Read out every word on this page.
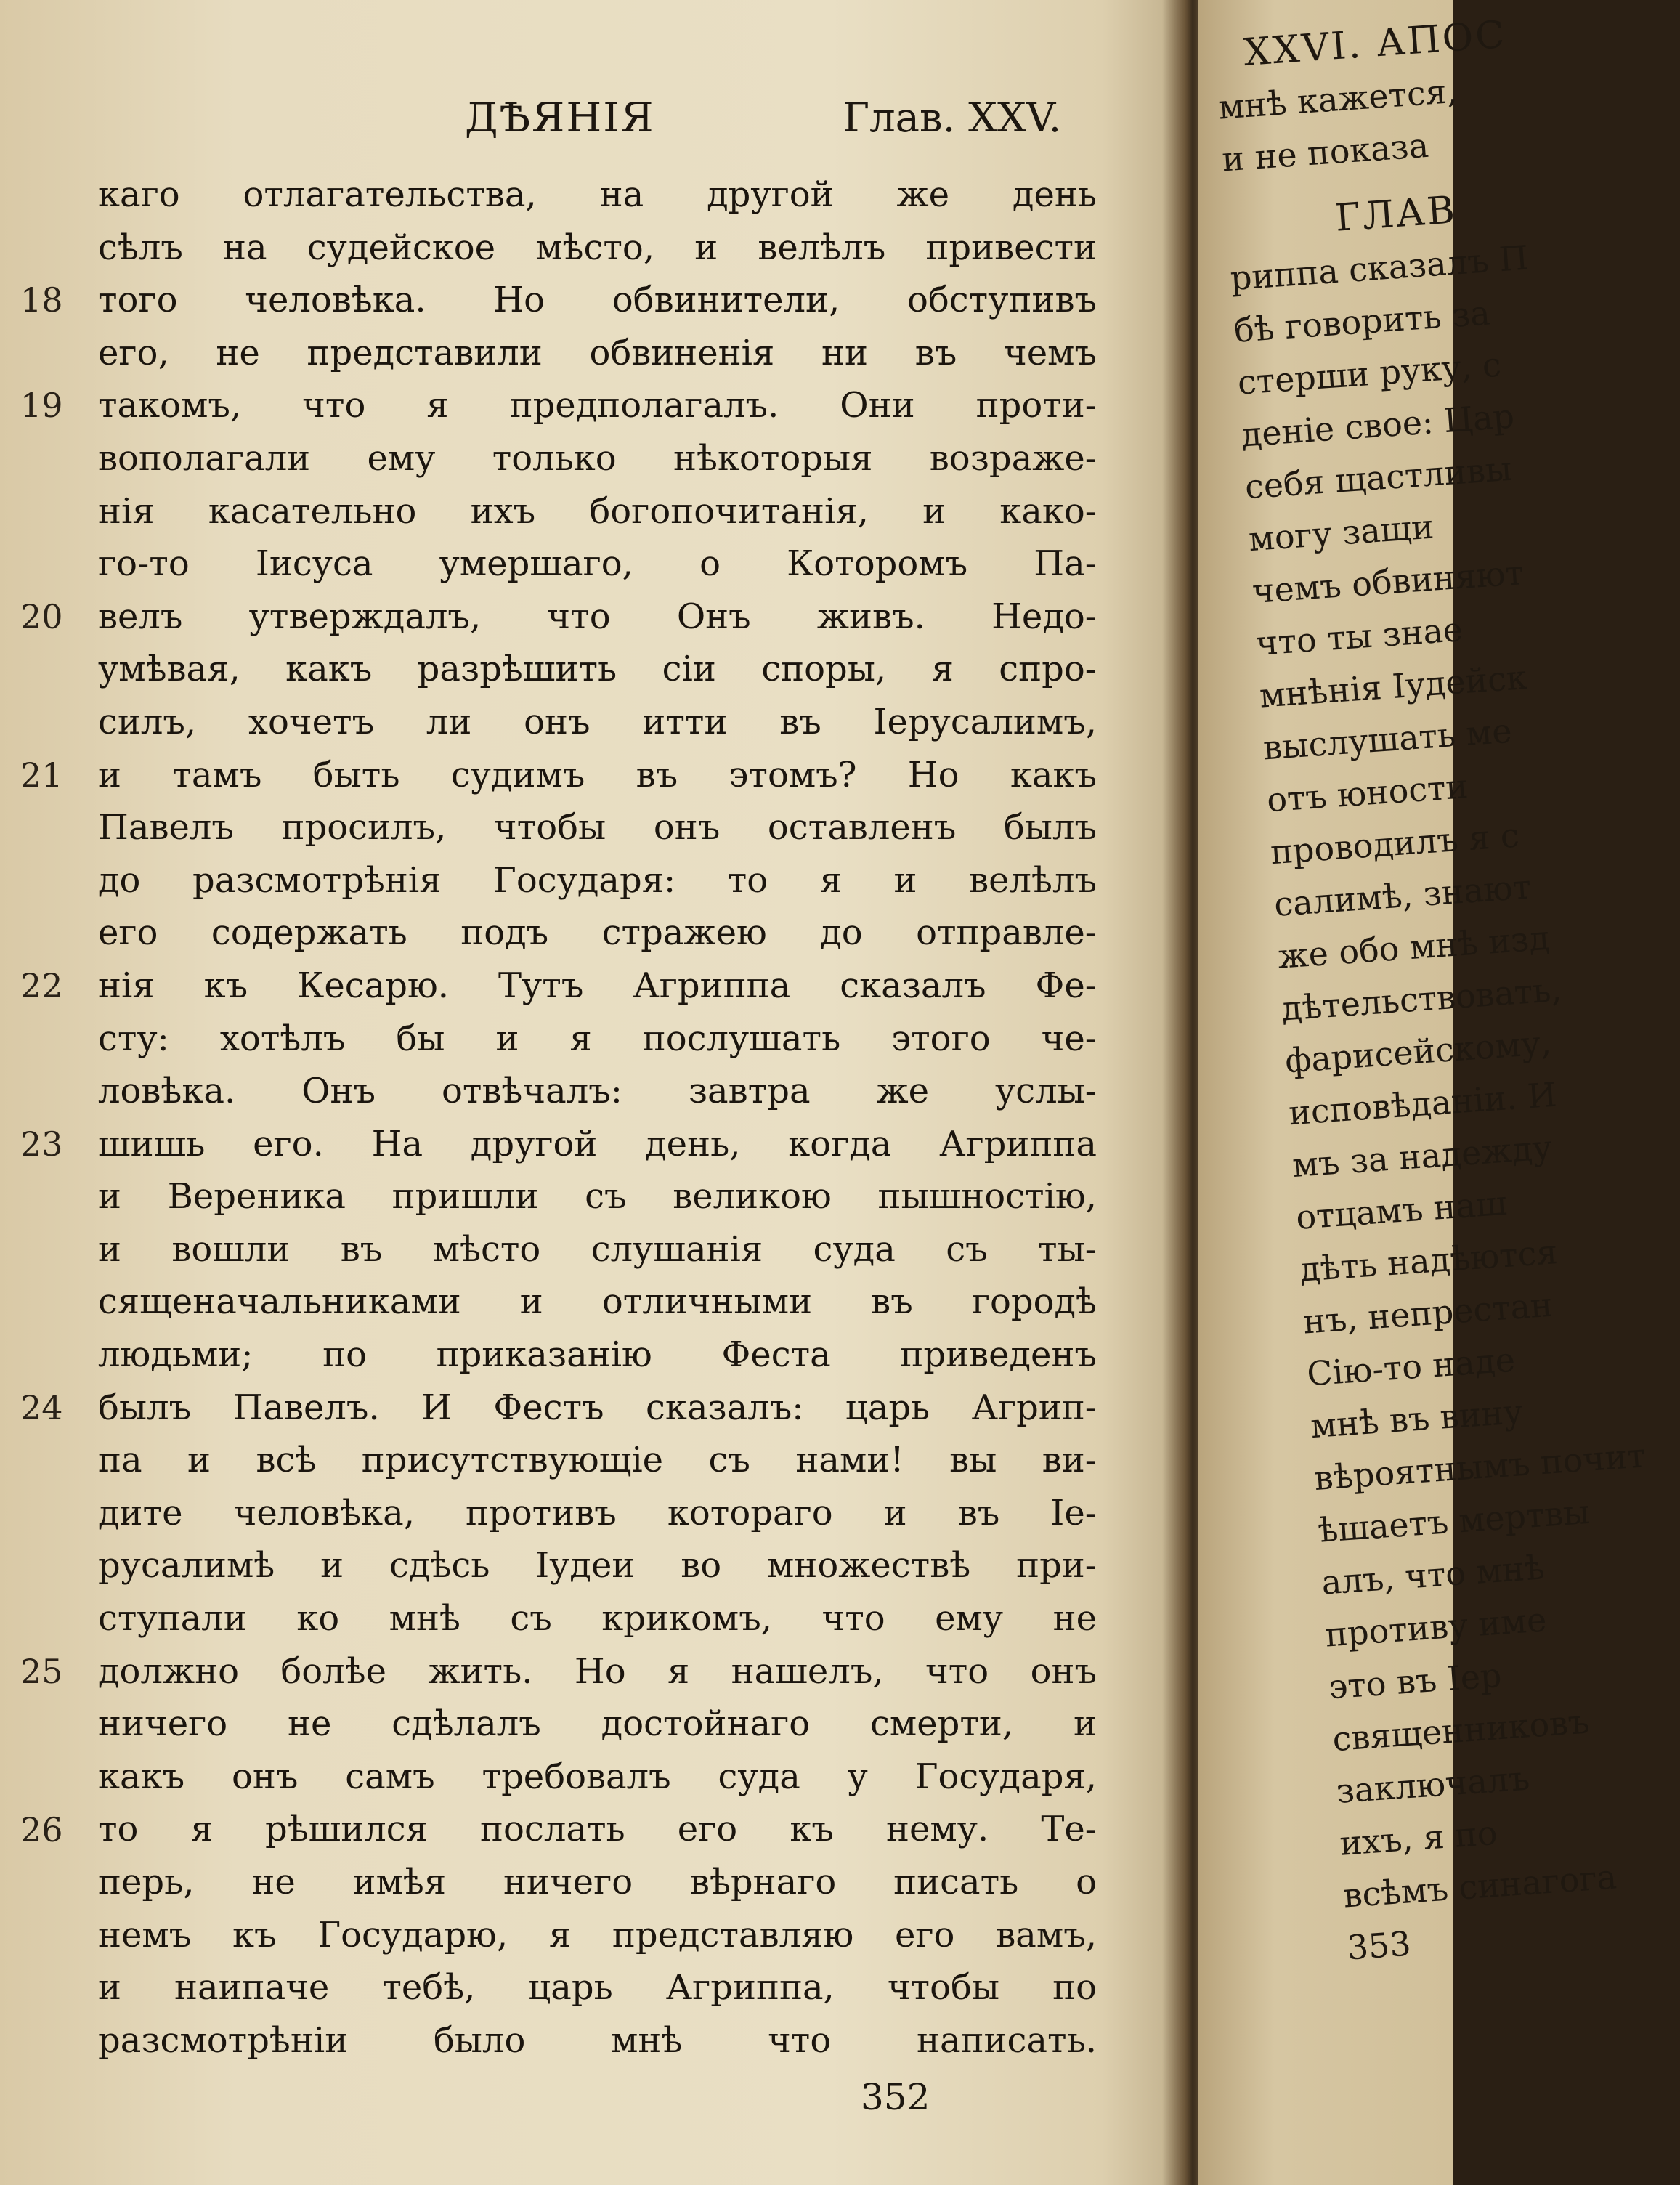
ДѢЯНІЯ	Глав. XXV.
18
19
20
21
22
23
24
25
26
каго отлагательства, на другой же день
сѣлъ на судейское мѣсто, и велѣлъ привести
того человѣка. Но обвинители, обступивъ
его, не представили обвиненія ни въ чемъ
такомъ, что я предполагалъ. Они проти-
вополагали ему только нѣкоторыя возраже-
нія касательно ихъ богопочитанія, и како-
го-то Іисуса умершаго, о Которомъ Па-
велъ утверждалъ, что Онъ живъ. Недо-
умѣвая, какъ разрѣшить сіи споры, я спро-
силъ, хочетъ ли онъ итти въ Іерусалимъ,
и тамъ быть судимъ въ этомъ? Но какъ
Павелъ просилъ, чтобы онъ оставленъ былъ
до разсмотрѣнія Государя: то я и велѣлъ
его содержать подъ стражею до отправле-
нія къ Кесарю. Тутъ Агриппа сказалъ Фе-
сту: хотѣлъ бы и я послушать этого че-
ловѣка. Онъ отвѣчалъ: завтра же услы-
шишь его. На другой день, когда Агриппа
и Вереника пришли съ великою пышностію,
и вошли въ мѣсто слушанія суда съ ты-
сященачальниками и отличными въ городѣ
людьми; по приказанію Феста приведенъ
былъ Павелъ. И Фестъ сказалъ: царь Агрип-
па и всѣ присутствующіе съ нами! вы ви-
дите человѣка, противъ котораго и въ Іе-
русалимѣ и сдѣсь Іудеи во множествѣ при-
ступали ко мнѣ съ крикомъ, что ему не
должно болѣе жить. Но я нашелъ, что онъ
ничего не сдѣлалъ достойнаго смерти, и
какъ онъ самъ требовалъ суда у Государя,
то я рѣшился послать его къ нему. Те-
перь, не имѣя ничего вѣрнаго писать о
немъ къ Государю, я представляю его вамъ,
и наипаче тебѣ, царь Агриппа, чтобы по
разсмотрѣніи было мнѣ что написать.
352
XXVI. АПОС
мнѣ кажется,
и не показа
ГЛАВ
риппа сказалъ П
бѣ говорить за
стерши руку, с
деніе свое: Цар
себя щастливы
могу защи
чемъ обвиняют
что ты знае
мнѣнія Іудейск
выслушать ме
отъ юности
проводилъ я с
салимѣ, знают
же обо мнѣ изд
дѣтельствовать,
фарисейскому,
исповѣданіи. И
мъ за надежду
отцамъ наш
дѣть надѣются
нъ, непрестан
Сію-то наде
мнѣ въ вину
вѣроятнымъ почит
ѣшаетъ мертвы
алъ, что мнѣ
противу име
это въ Іер
священниковъ
заключалъ
ихъ, я по
всѣмъ синагога
353
